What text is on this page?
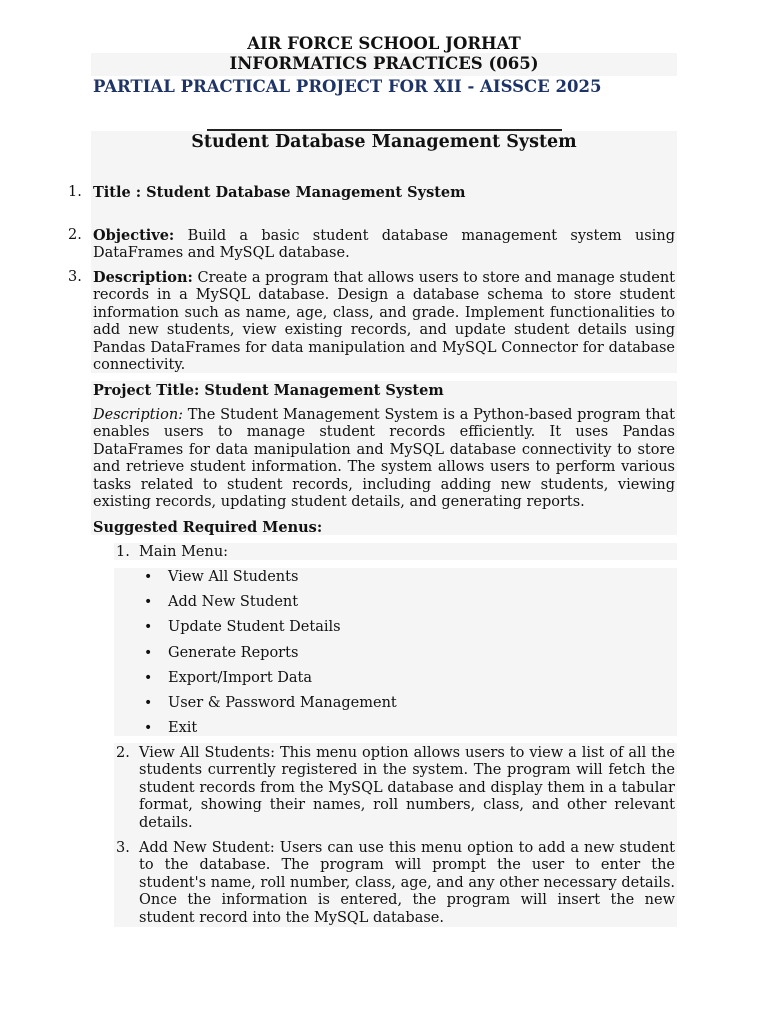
AIR FORCE SCHOOL JORHAT
INFORMATICS PRACTICES (065)
PARTIAL PRACTICAL PROJECT FOR XII - AISSCE 2025
Student Database Management System
1. Title : Student Database Management System
2. Objective: Build a basic student database management system using DataFrames and MySQL database.
3. Description: Create a program that allows users to store and manage student records in a MySQL database. Design a database schema to store student information such as name, age, class, and grade. Implement functionalities to add new students, view existing records, and update student details using Pandas DataFrames for data manipulation and MySQL Connector for database connectivity.
Project Title: Student Management System
Description: The Student Management System is a Python-based program that enables users to manage student records efficiently. It uses Pandas DataFrames for data manipulation and MySQL database connectivity to store and retrieve student information. The system allows users to perform various tasks related to student records, including adding new students, viewing existing records, updating student details, and generating reports.
Suggested Required Menus:
1. Main Menu:
• View All Students
• Add New Student
• Update Student Details
• Generate Reports
• Export/Import Data
• User & Password Management
• Exit
2. View All Students: This menu option allows users to view a list of all the students currently registered in the system. The program will fetch the student records from the MySQL database and display them in a tabular format, showing their names, roll numbers, class, and other relevant details.
3. Add New Student: Users can use this menu option to add a new student to the database. The program will prompt the user to enter the student's name, roll number, class, age, and any other necessary details. Once the information is entered, the program will insert the new student record into the MySQL database.
